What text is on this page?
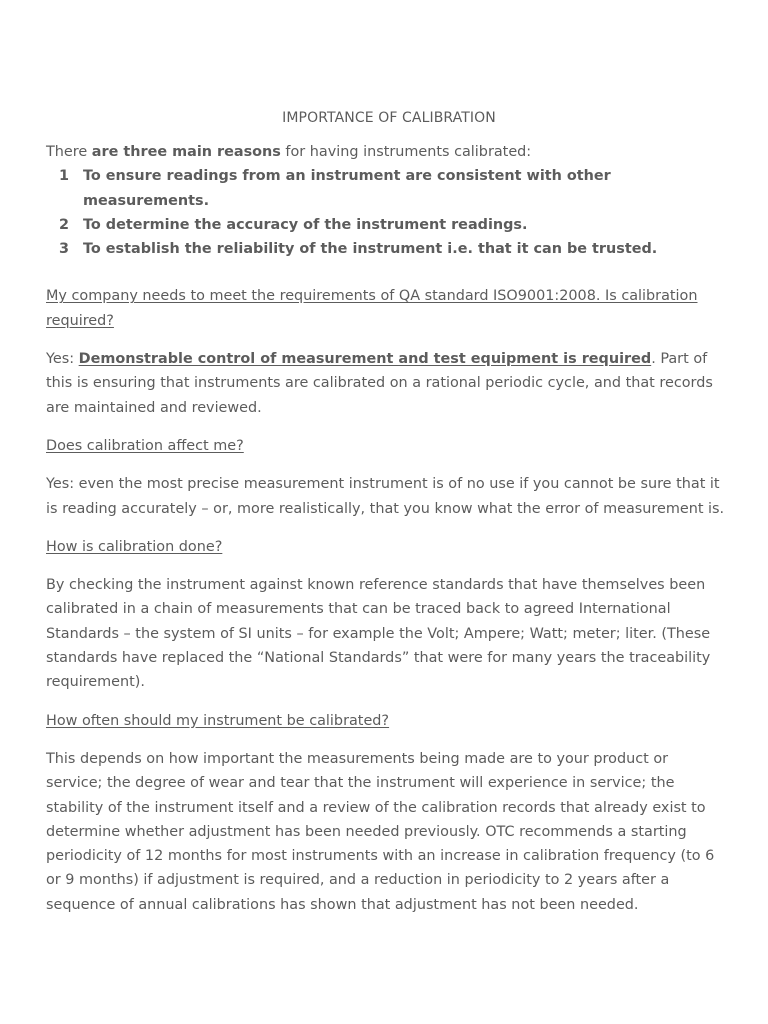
IMPORTANCE OF CALIBRATION

There are three main reasons for having instruments calibrated:

1 To ensure readings from an instrument are consistent with other measurements.
2 To determine the accuracy of the instrument readings.
3 To establish the reliability of the instrument i.e. that it can be trusted.

My company needs to meet the requirements of QA standard ISO9001:2008. Is calibration required?

Yes: Demonstrable control of measurement and test equipment is required. Part of this is ensuring that instruments are calibrated on a rational periodic cycle, and that records are maintained and reviewed.

Does calibration affect me?

Yes: even the most precise measurement instrument is of no use if you cannot be sure that it is reading accurately – or, more realistically, that you know what the error of measurement is.

How is calibration done?

By checking the instrument against known reference standards that have themselves been calibrated in a chain of measurements that can be traced back to agreed International Standards – the system of SI units – for example the Volt; Ampere; Watt; meter; liter. (These standards have replaced the “National Standards” that were for many years the traceability requirement).

How often should my instrument be calibrated?

This depends on how important the measurements being made are to your product or service; the degree of wear and tear that the instrument will experience in service; the stability of the instrument itself and a review of the calibration records that already exist to determine whether adjustment has been needed previously. OTC recommends a starting periodicity of 12 months for most instruments with an increase in calibration frequency (to 6 or 9 months) if adjustment is required, and a reduction in periodicity to 2 years after a sequence of annual calibrations has shown that adjustment has not been needed.
